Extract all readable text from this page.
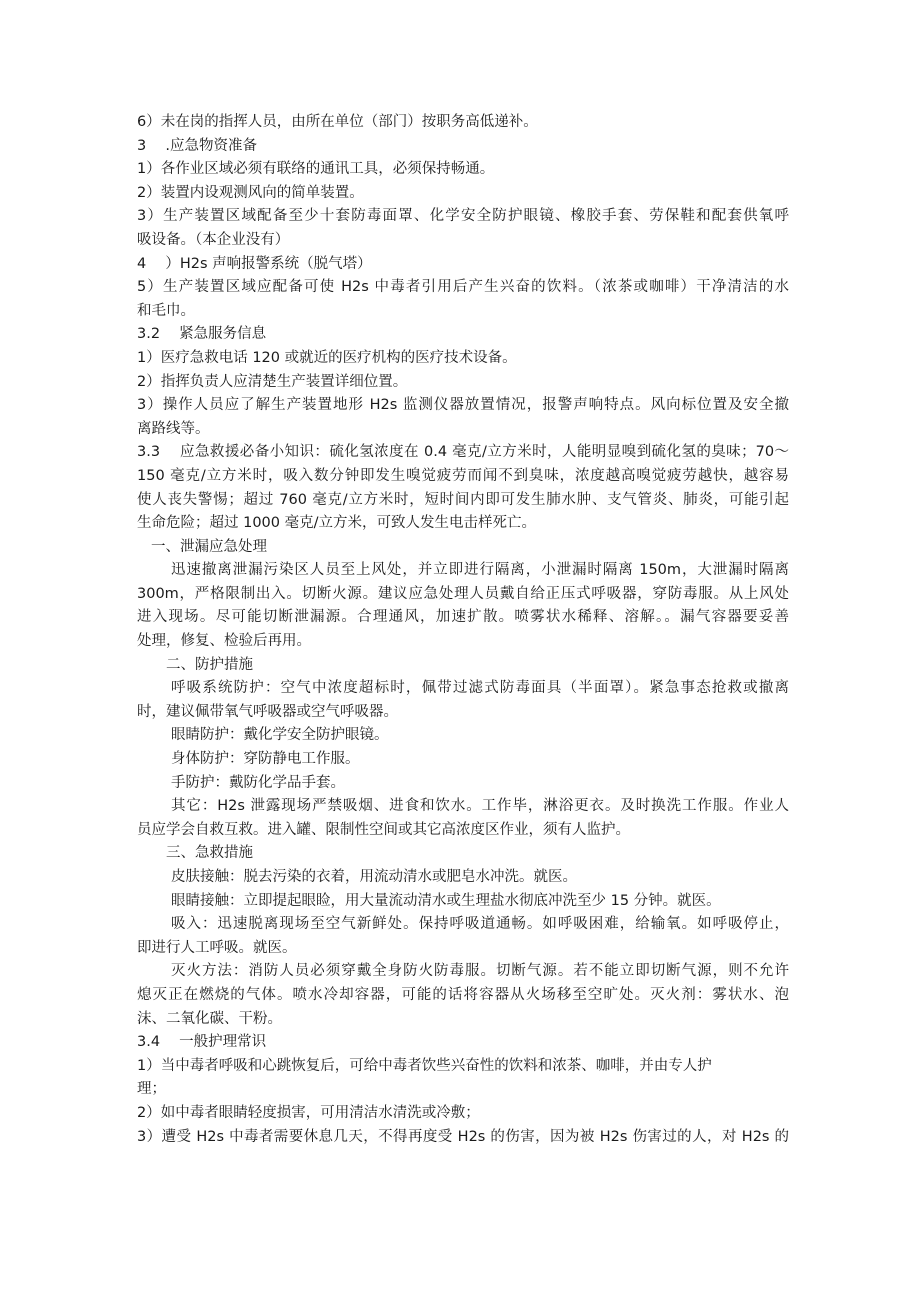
6）未在岗的指挥人员，由所在单位（部门）按职务高低递补。
3 　.应急物资准备
1）各作业区域必须有联络的通讯工具，必须保持畅通。
2）装置内设观测风向的简单装置。
3）生产装置区域配备至少十套防毒面罩、化学安全防护眼镜、橡胶手套、劳保鞋和配套供氧呼
吸设备。（本企业没有）
4 　）H2s 声响报警系统（脱气塔）
5）生产装置区域应配备可使 H2s 中毒者引用后产生兴奋的饮料。（浓茶或咖啡）干净清洁的水
和毛巾。
3.2 　紧急服务信息
1）医疗急救电话 120 或就近的医疗机构的医疗技术设备。
2）指挥负责人应清楚生产装置详细位置。
3）操作人员应了解生产装置地形 H2s 监测仪器放置情况，报警声响特点。风向标位置及安全撤
离路线等。
3.3 　应急救援必备小知识：硫化氢浓度在 0.4 毫克/立方米时，人能明显嗅到硫化氢的臭味；70～
150 毫克/立方米时，吸入数分钟即发生嗅觉疲劳而闻不到臭味，浓度越高嗅觉疲劳越快，越容易
使人丧失警惕；超过 760 毫克/立方米时，短时间内即可发生肺水肿、支气管炎、肺炎，可能引起
生命危险；超过 1000 毫克/立方米，可致人发生电击样死亡。
一、泄漏应急处理
迅速撤离泄漏污染区人员至上风处，并立即进行隔离，小泄漏时隔离 150m，大泄漏时隔离
300m，严格限制出入。切断火源。建议应急处理人员戴自给正压式呼吸器，穿防毒服。从上风处
进入现场。尽可能切断泄漏源。合理通风，加速扩散。喷雾状水稀释、溶解。。漏气容器要妥善
处理，修复、检验后再用。
二、防护措施
呼吸系统防护：空气中浓度超标时，佩带过滤式防毒面具（半面罩）。紧急事态抢救或撤离
时，建议佩带氧气呼吸器或空气呼吸器。
眼睛防护：戴化学安全防护眼镜。
身体防护：穿防静电工作服。
手防护：戴防化学品手套。
其它：H2s 泄露现场严禁吸烟、进食和饮水。工作毕，淋浴更衣。及时换洗工作服。作业人
员应学会自救互救。进入罐、限制性空间或其它高浓度区作业，须有人监护。
三、急救措施
皮肤接触：脱去污染的衣着，用流动清水或肥皂水冲洗。就医。
眼睛接触：立即提起眼睑，用大量流动清水或生理盐水彻底冲洗至少 15 分钟。就医。
吸入：迅速脱离现场至空气新鲜处。保持呼吸道通畅。如呼吸困难，给输氧。如呼吸停止，
即进行人工呼吸。就医。
灭火方法：消防人员必须穿戴全身防火防毒服。切断气源。若不能立即切断气源，则不允许
熄灭正在燃烧的气体。喷水冷却容器，可能的话将容器从火场移至空旷处。灭火剂：雾状水、泡
沫、二氧化碳、干粉。
3.4 　一般护理常识
1）当中毒者呼吸和心跳恢复后，可给中毒者饮些兴奋性的饮料和浓茶、咖啡，并由专人护
理；
2）如中毒者眼睛轻度损害，可用清洁水清洗或冷敷；
3）遭受 H2s 中毒者需要休息几天，不得再度受 H2s 的伤害，因为被 H2s 伤害过的人，对 H2s 的
